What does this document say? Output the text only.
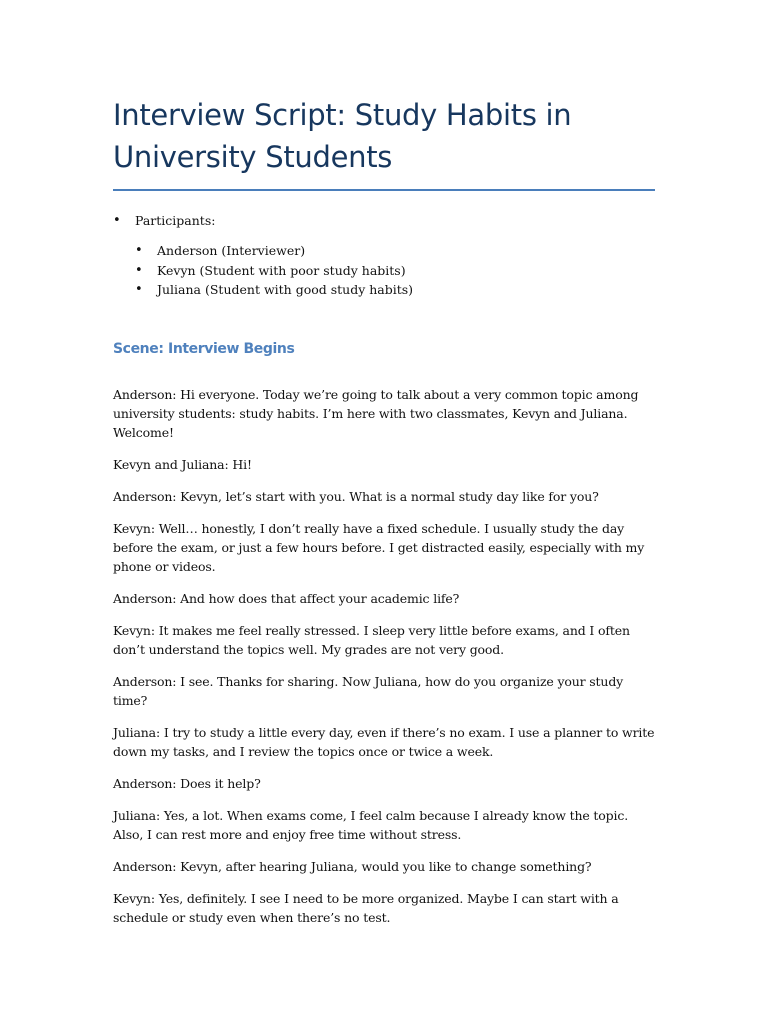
Interview Script: Study Habits in University Students
• Participants:
• Anderson (Interviewer)
• Kevyn (Student with poor study habits)
• Juliana (Student with good study habits)
Scene: Interview Begins

Anderson: Hi everyone. Today we’re going to talk about a very common topic among university students: study habits. I’m here with two classmates, Kevyn and Juliana. Welcome!

Kevyn and Juliana: Hi!

Anderson: Kevyn, let’s start with you. What is a normal study day like for you?

Kevyn: Well… honestly, I don’t really have a fixed schedule. I usually study the day before the exam, or just a few hours before. I get distracted easily, especially with my phone or videos.

Anderson: And how does that affect your academic life?

Kevyn: It makes me feel really stressed. I sleep very little before exams, and I often don’t understand the topics well. My grades are not very good.

Anderson: I see. Thanks for sharing. Now Juliana, how do you organize your study time?

Juliana: I try to study a little every day, even if there’s no exam. I use a planner to write down my tasks, and I review the topics once or twice a week.

Anderson: Does it help?

Juliana: Yes, a lot. When exams come, I feel calm because I already know the topic. Also, I can rest more and enjoy free time without stress.

Anderson: Kevyn, after hearing Juliana, would you like to change something?

Kevyn: Yes, definitely. I see I need to be more organized. Maybe I can start with a schedule or study even when there’s no test.
